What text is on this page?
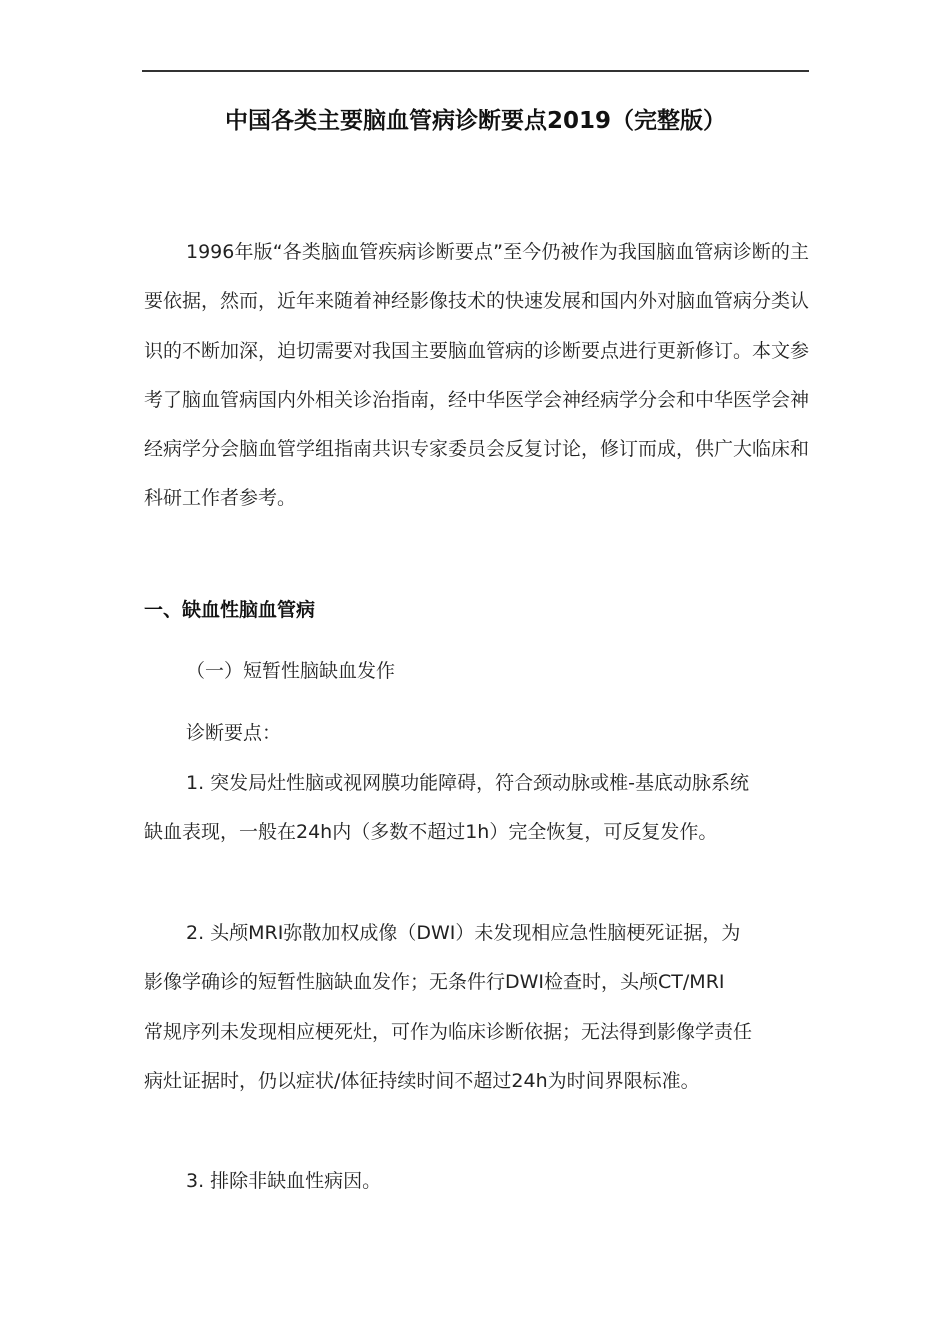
中国各类主要脑血管病诊断要点2019（完整版）

1996年版“各类脑血管疾病诊断要点”至今仍被作为我国脑血管病诊断的主要依据，然而，近年来随着神经影像技术的快速发展和国内外对脑血管病分类认识的不断加深，迫切需要对我国主要脑血管病的诊断要点进行更新修订。本文参考了脑血管病国内外相关诊治指南，经中华医学会神经病学分会和中华医学会神经病学分会脑血管学组指南共识专家委员会反复讨论，修订而成，供广大临床和科研工作者参考。

一、缺血性脑血管病

（一）短暂性脑缺血发作

诊断要点：

1. 突发局灶性脑或视网膜功能障碍，符合颈动脉或椎-基底动脉系统

缺血表现，一般在24h内（多数不超过1h）完全恢复，可反复发作。

2. 头颅MRI弥散加权成像（DWI）未发现相应急性脑梗死证据，为

影像学确诊的短暂性脑缺血发作；无条件行DWI检查时，头颅CT/MRI

常规序列未发现相应梗死灶，可作为临床诊断依据；无法得到影像学责任

病灶证据时，仍以症状/体征持续时间不超过24h为时间界限标准。

3. 排除非缺血性病因。
